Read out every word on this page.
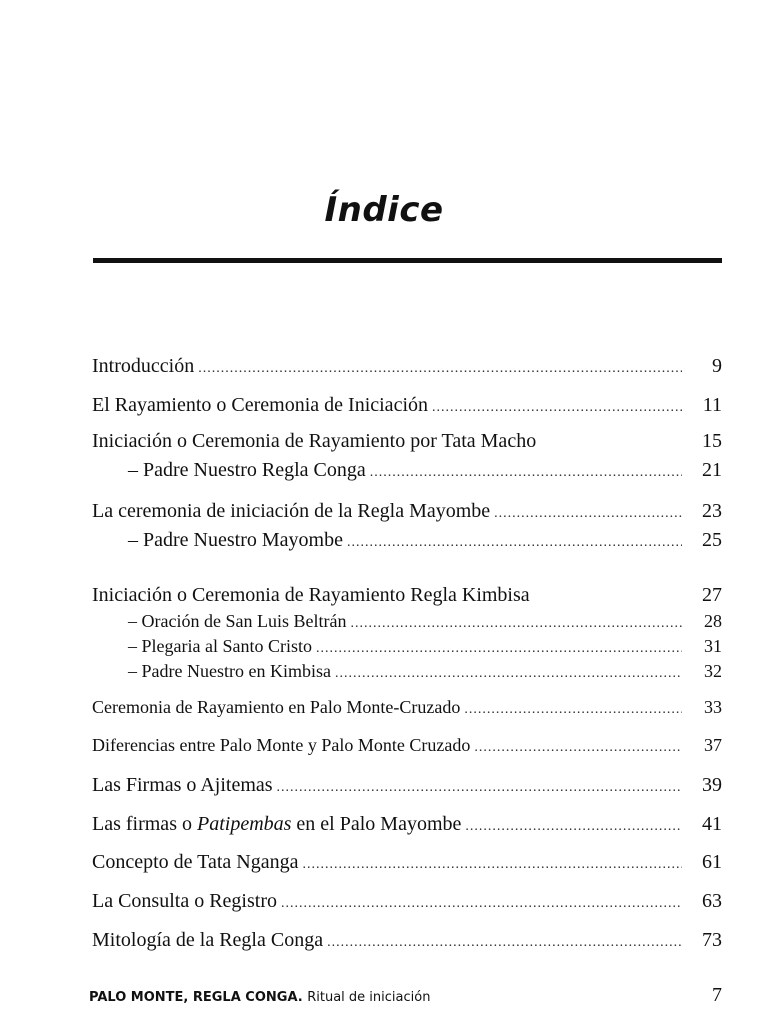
Índice
Introducción .....	9
El Rayamiento o Ceremonia de Iniciación .....	11
Iniciación o Ceremonia de Rayamiento por Tata Macho	15
– Padre Nuestro Regla Conga .....	21
La ceremonia de iniciación de la Regla Mayombe .....	23
– Padre Nuestro Mayombe .....	25
Iniciación o Ceremonia de Rayamiento Regla Kimbisa	27
– Oración de San Luis Beltrán .....	28
– Plegaria al Santo Cristo .....	31
– Padre Nuestro en Kimbisa .....	32
Ceremonia de Rayamiento en Palo Monte-Cruzado .....	33
Diferencias entre Palo Monte y Palo Monte Cruzado .....	37
Las Firmas o Ajitemas .....	39
Las firmas o Patipembas en el Palo Mayombe .....	41
Concepto de Tata Nganga .....	61
La Consulta o Registro .....	63
Mitología de la Regla Conga .....	73
PALO MONTE, REGLA CONGA. Ritual de iniciación	7
